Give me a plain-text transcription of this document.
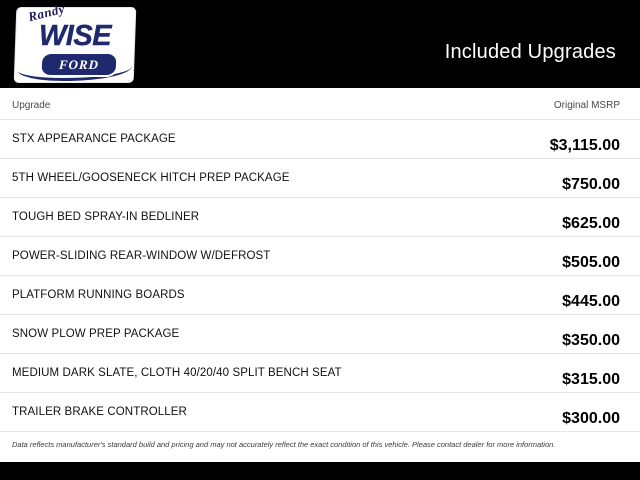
Randy
WISE
FORD
Included Upgrades
Upgrade	Original MSRP
STX APPEARANCE PACKAGE	$3,115.00
5TH WHEEL/GOOSENECK HITCH PREP PACKAGE	$750.00
TOUGH BED SPRAY-IN BEDLINER	$625.00
POWER-SLIDING REAR-WINDOW W/DEFROST	$505.00
PLATFORM RUNNING BOARDS	$445.00
SNOW PLOW PREP PACKAGE	$350.00
MEDIUM DARK SLATE, CLOTH 40/20/40 SPLIT BENCH SEAT	$315.00
TRAILER BRAKE CONTROLLER	$300.00
Data reflects manufacturer's standard build and pricing and may not accurately reflect the exact condition of this vehicle. Please contact dealer for more information.
